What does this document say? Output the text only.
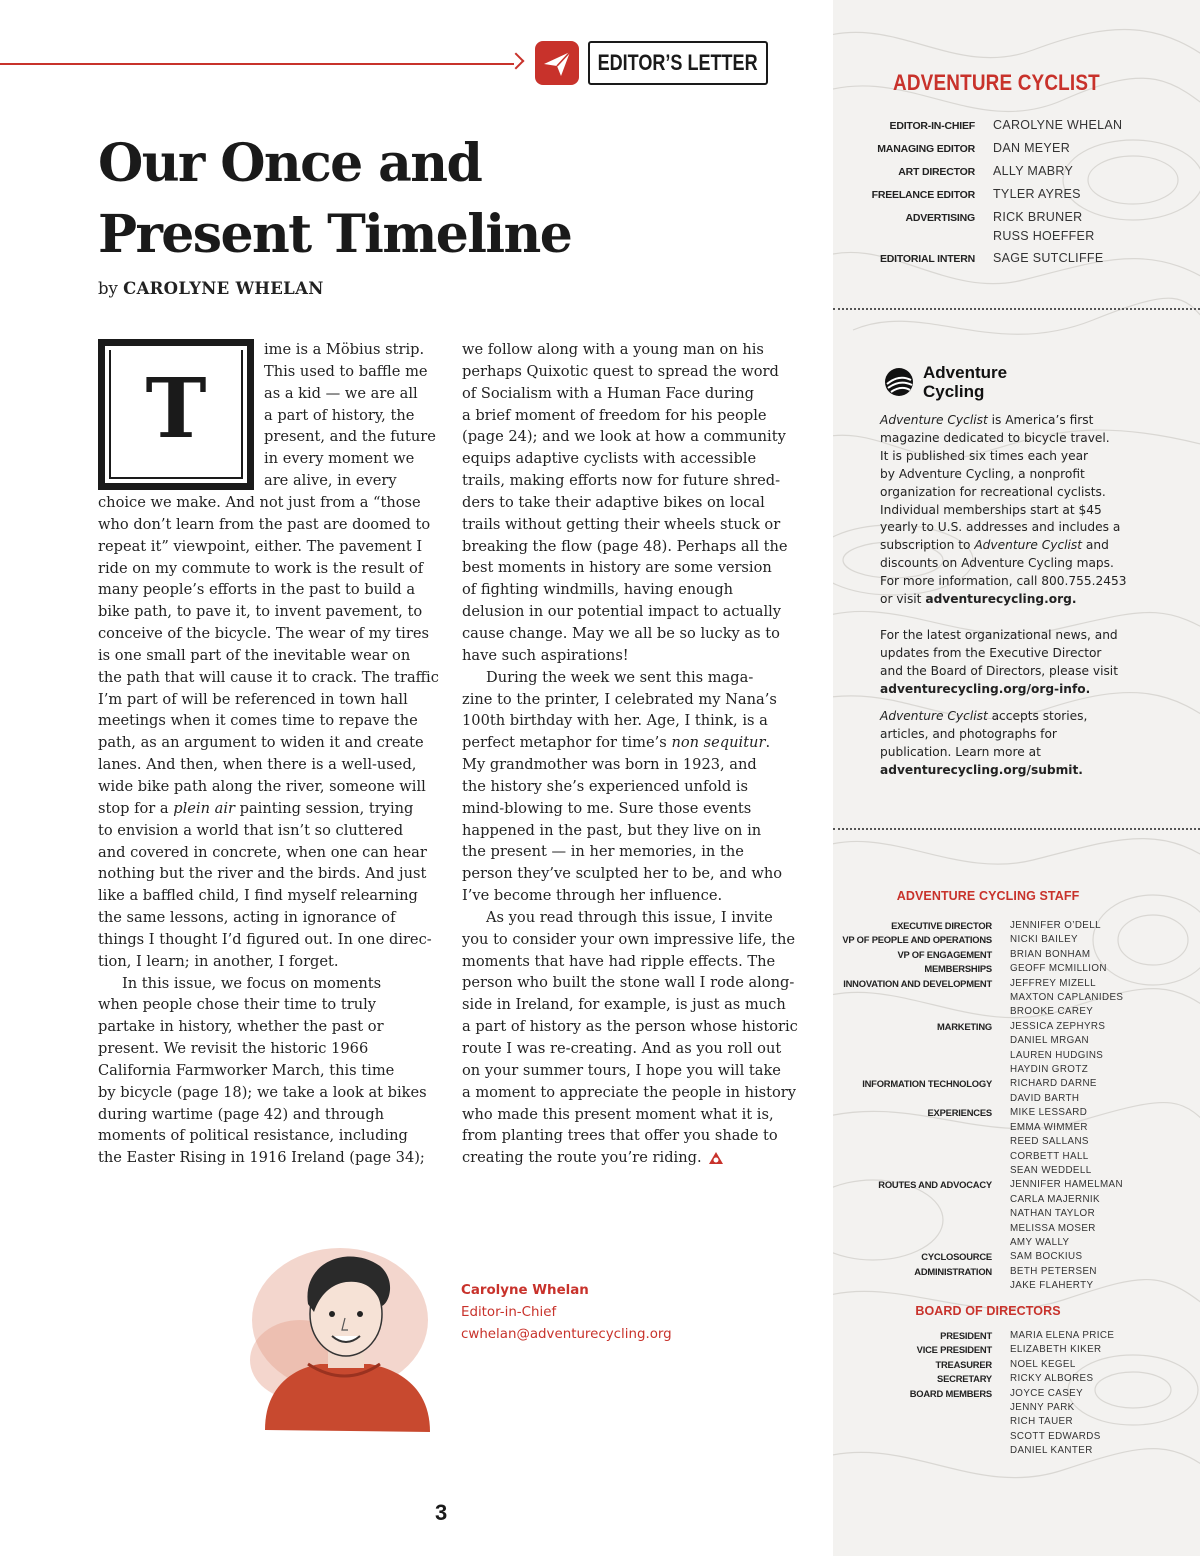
ADVENTURE CYCLIST
EDITOR-IN-CHIEF CAROLYNE WHELAN
MANAGING EDITOR DAN MEYER
ART DIRECTOR ALLY MABRY
FREELANCE EDITOR TYLER AYRES
ADVERTISING RICK BRUNER
RUSS HOEFFER
EDITORIAL INTERN SAGE SUTCLIFFE
Adventure
Cycling
Adventure Cyclist is America’s first
magazine dedicated to bicycle travel.
It is published six times each year
by Adventure Cycling, a nonprofit
organization for recreational cyclists.
Individual memberships start at $45
yearly to U.S. addresses and includes a
subscription to Adventure Cyclist and
discounts on Adventure Cycling maps.
For more information, call 800.755.2453
or visit adventurecycling.org.
For the latest organizational news, and
updates from the Executive Director
and the Board of Directors, please visit
adventurecycling.org/org-info.
Adventure Cyclist accepts stories,
articles, and photographs for
publication. Learn more at
adventurecycling.org/submit.
ADVENTURE CYCLING STAFF
EXECUTIVE DIRECTOR JENNIFER O’DELL
VP OF PEOPLE AND OPERATIONS NICKI BAILEY
VP OF ENGAGEMENT BRIAN BONHAM
MEMBERSHIPS GEOFF MCMILLION
INNOVATION AND DEVELOPMENT JEFFREY MIZELL
MAXTON CAPLANIDES
BROOKE CAREY
MARKETING JESSICA ZEPHYRS
DANIEL MRGAN
LAUREN HUDGINS
HAYDIN GROTZ
INFORMATION TECHNOLOGY RICHARD DARNE
DAVID BARTH
EXPERIENCES MIKE LESSARD
EMMA WIMMER
REED SALLANS
CORBETT HALL
SEAN WEDDELL
ROUTES AND ADVOCACY JENNIFER HAMELMAN
CARLA MAJERNIK
NATHAN TAYLOR
MELISSA MOSER
AMY WALLY
CYCLOSOURCE SAM BOCKIUS
ADMINISTRATION BETH PETERSEN
JAKE FLAHERTY
BOARD OF DIRECTORS
PRESIDENT MARIA ELENA PRICE
VICE PRESIDENT ELIZABETH KIKER
TREASURER NOEL KEGEL
SECRETARY RICKY ALBORES
BOARD MEMBERS JOYCE CASEY
JENNY PARK
RICH TAUER
SCOTT EDWARDS
DANIEL KANTER
EDITOR’S LETTER
Our Once and
Present Timeline
by CAROLYNE WHELAN
T
ime is a Möbius strip.
This used to baffle me
as a kid — we are all
a part of history, the
present, and the future
in every moment we
are alive, in every
choice we make. And not just from a “those
who don’t learn from the past are doomed to
repeat it” viewpoint, either. The pavement I
ride on my commute to work is the result of
many people’s efforts in the past to build a
bike path, to pave it, to invent pavement, to
conceive of the bicycle. The wear of my tires
is one small part of the inevitable wear on
the path that will cause it to crack. The traffic
I’m part of will be referenced in town hall
meetings when it comes time to repave the
path, as an argument to widen it and create
lanes. And then, when there is a well-used,
wide bike path along the river, someone will
stop for a plein air painting session, trying
to envision a world that isn’t so cluttered
and covered in concrete, when one can hear
nothing but the river and the birds. And just
like a baffled child, I find myself relearning
the same lessons, acting in ignorance of
things I thought I’d figured out. In one direc-
tion, I learn; in another, I forget.
In this issue, we focus on moments
when people chose their time to truly
partake in history, whether the past or
present. We revisit the historic 1966
California Farmworker March, this time
by bicycle (page 18); we take a look at bikes
during wartime (page 42) and through
moments of political resistance, including
the Easter Rising in 1916 Ireland (page 34);
we follow along with a young man on his
perhaps Quixotic quest to spread the word
of Socialism with a Human Face during
a brief moment of freedom for his people
(page 24); and we look at how a community
equips adaptive cyclists with accessible
trails, making efforts now for future shred-
ders to take their adaptive bikes on local
trails without getting their wheels stuck or
breaking the flow (page 48). Perhaps all the
best moments in history are some version
of fighting windmills, having enough
delusion in our potential impact to actually
cause change. May we all be so lucky as to
have such aspirations!
During the week we sent this maga-
zine to the printer, I celebrated my Nana’s
100th birthday with her. Age, I think, is a
perfect metaphor for time’s non sequitur.
My grandmother was born in 1923, and
the history she’s experienced unfold is
mind-blowing to me. Sure those events
happened in the past, but they live on in
the present — in her memories, in the
person they’ve sculpted her to be, and who
I’ve become through her influence.
As you read through this issue, I invite
you to consider your own impressive life, the
moments that have had ripple effects. The
person who built the stone wall I rode along-
side in Ireland, for example, is just as much
a part of history as the person whose historic
route I was re-creating. And as you roll out
on your summer tours, I hope you will take
a moment to appreciate the people in history
who made this present moment what it is,
from planting trees that offer you shade to
creating the route you’re riding.
Carolyne Whelan
Editor-in-Chief
cwhelan@adventurecycling.org
3
